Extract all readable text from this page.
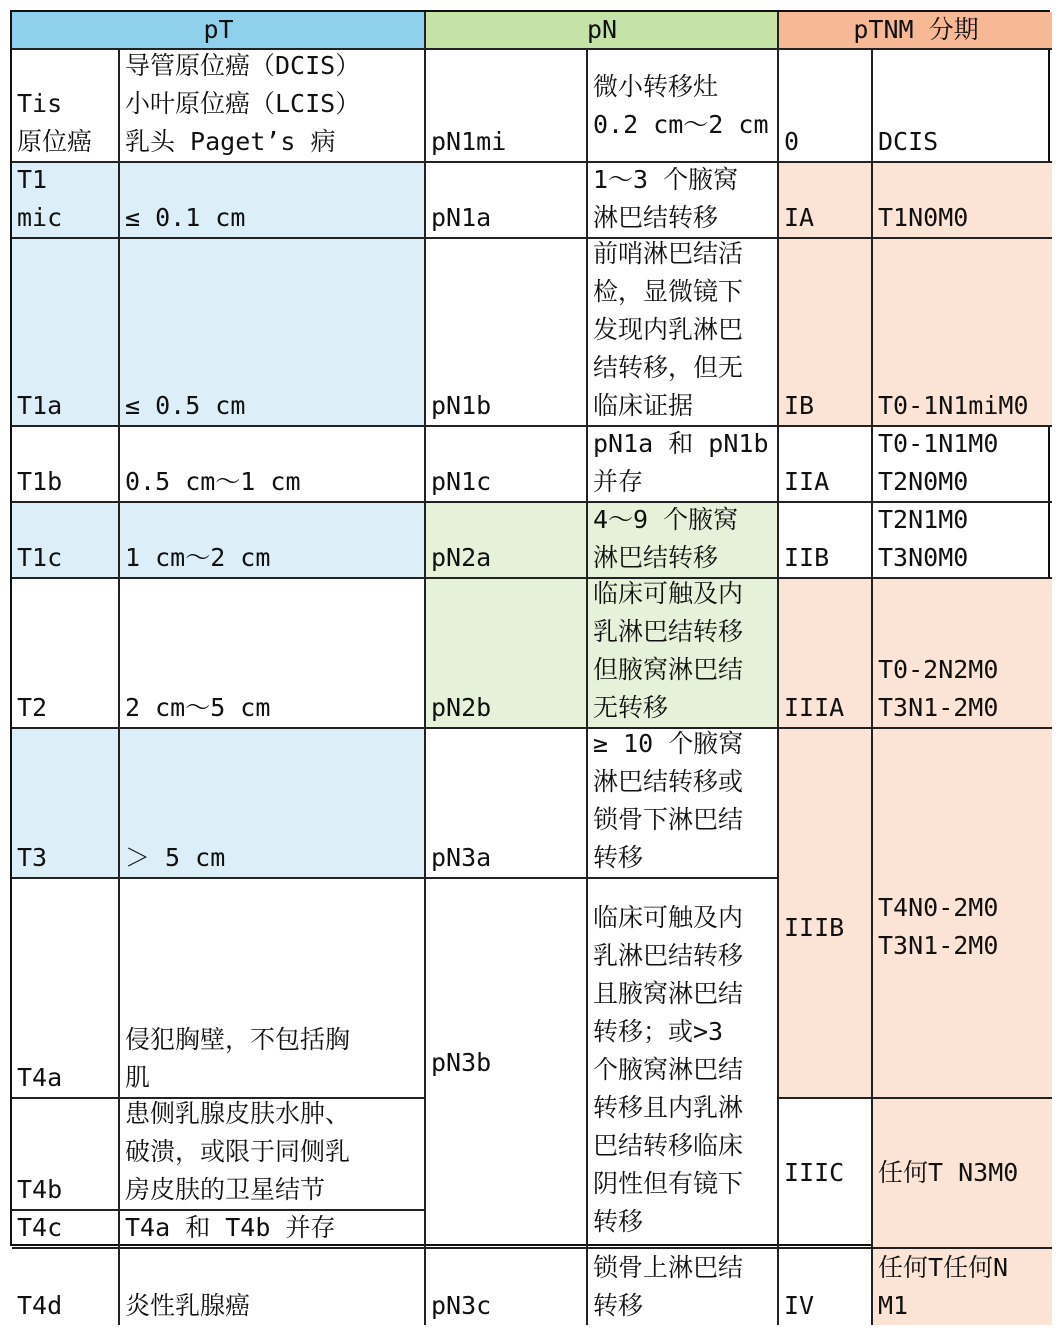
pT	pN	pTNM 分期
Tis
原位癌
T1
mic
T1a
T1b
T1c
T2
T3
T4a
T4b
T4c
T4d
导管原位癌（DCIS）
小叶原位癌（LCIS）
乳头 Paget’s 病
≤ 0.1 cm
≤ 0.5 cm
0.5 cm～1 cm
1 cm～2 cm
2 cm～5 cm
＞ 5 cm
侵犯胸壁，不包括胸
肌
患侧乳腺皮肤水肿、
破溃，或限于同侧乳
房皮肤的卫星结节
T4a 和 T4b 并存
炎性乳腺癌
pN1mi
pN1a
pN1b
pN1c
pN2a
pN2b
pN3a
pN3b
pN3c
微小转移灶
0.2 cm～2 cm
1～3 个腋窝
淋巴结转移
前哨淋巴结活
检，显微镜下
发现内乳淋巴
结转移，但无
临床证据
pN1a 和 pN1b
并存
4～9 个腋窝
淋巴结转移
临床可触及内
乳淋巴结转移
但腋窝淋巴结
无转移
≥ 10 个腋窝
淋巴结转移或
锁骨下淋巴结
转移
临床可触及内
乳淋巴结转移
且腋窝淋巴结
转移；或>3
个腋窝淋巴结
转移且内乳淋
巴结转移临床
阴性但有镜下
转移
锁骨上淋巴结
转移
0
IA
IB
IIA
IIB
IIIA
IIIB
IIIC
IV
DCIS
T1N0M0
T0-1N1miM0
T0-1N1M0
T2N0M0
T2N1M0
T3N0M0
T0-2N2M0
T3N1-2M0
T4N0-2M0
T3N1-2M0
任何T N3M0
任何T任何N
M1
